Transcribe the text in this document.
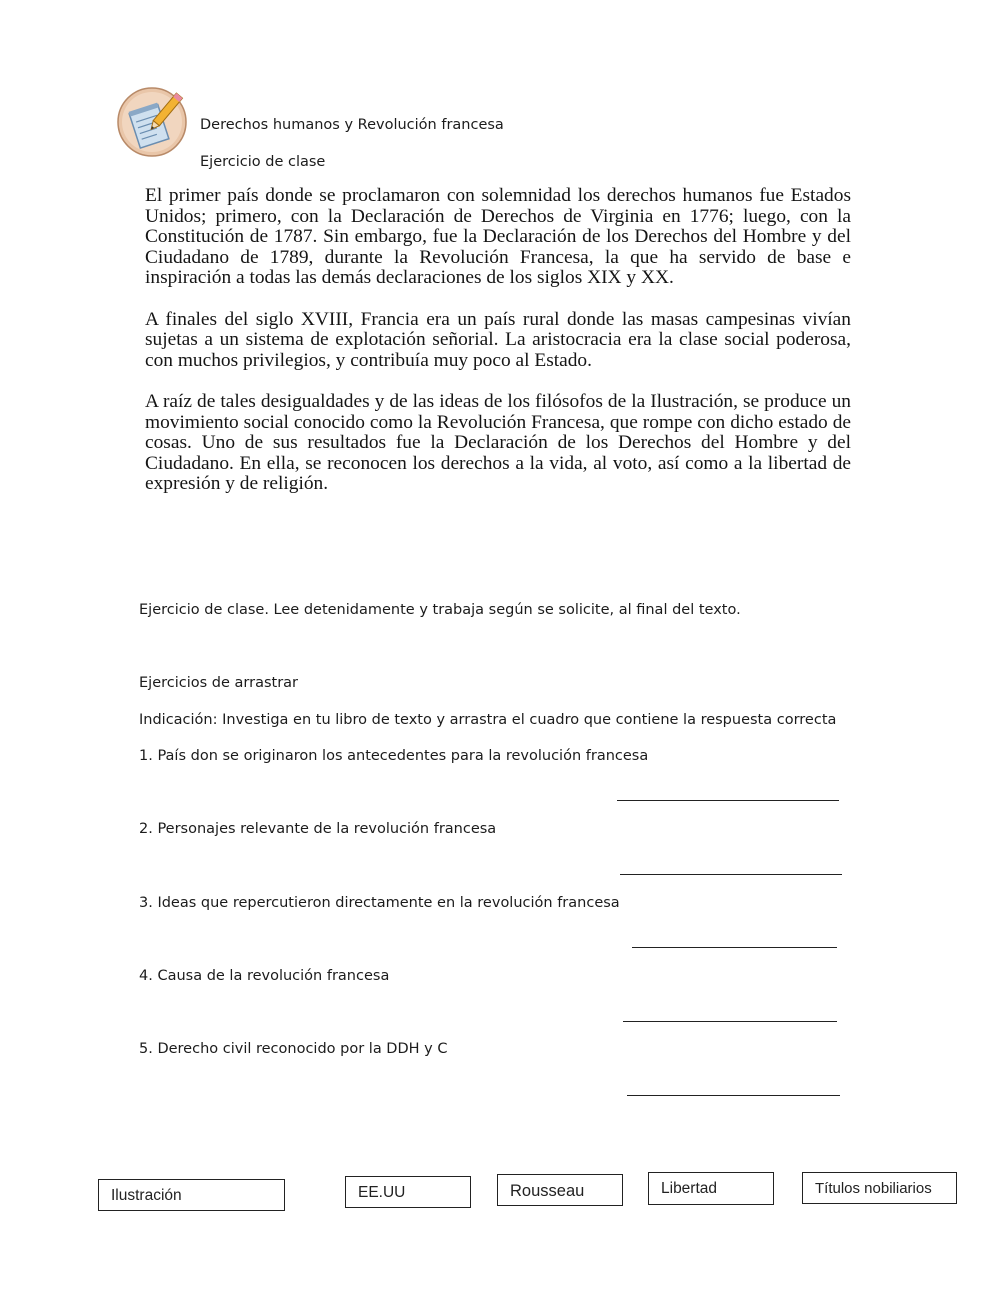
Derechos humanos y Revolución francesa
Ejercicio de clase

El primer país donde se proclamaron con solemnidad los derechos humanos fue Estados Unidos; primero, con la Declaración de Derechos de Virginia en 1776; luego, con la Constitución de 1787. Sin embargo, fue la Declaración de los Derechos del Hombre y del Ciudadano de 1789, durante la Revolución Francesa, la que ha servido de base e inspiración a todas las demás declaraciones de los siglos XIX y XX.

A finales del siglo XVIII, Francia era un país rural donde las masas campesinas vivían sujetas a un sistema de explotación señorial. La aristocracia era la clase social poderosa, con muchos privilegios, y contribuía muy poco al Estado.

A raíz de tales desigualdades y de las ideas de los filósofos de la Ilustración, se produce un movimiento social conocido como la Revolución Francesa, que rompe con dicho estado de cosas. Uno de sus resultados fue la Declaración de los Derechos del Hombre y del Ciudadano. En ella, se reconocen los derechos a la vida, al voto, así como a la libertad de expresión y de religión.

Ejercicio de clase. Lee detenidamente y trabaja según se solicite, al final del texto.
Ejercicios de arrastrar
Indicación: Investiga en tu libro de texto y arrastra el cuadro que contiene la respuesta correcta
1. País don se originaron los antecedentes para la revolución francesa
2. Personajes relevante de la revolución francesa
3. Ideas que repercutieron directamente en la revolución francesa
4. Causa de la revolución francesa
5. Derecho civil reconocido por la DDH y C
Ilustración	EE.UU	Rousseau	Libertad	Títulos nobiliarios
